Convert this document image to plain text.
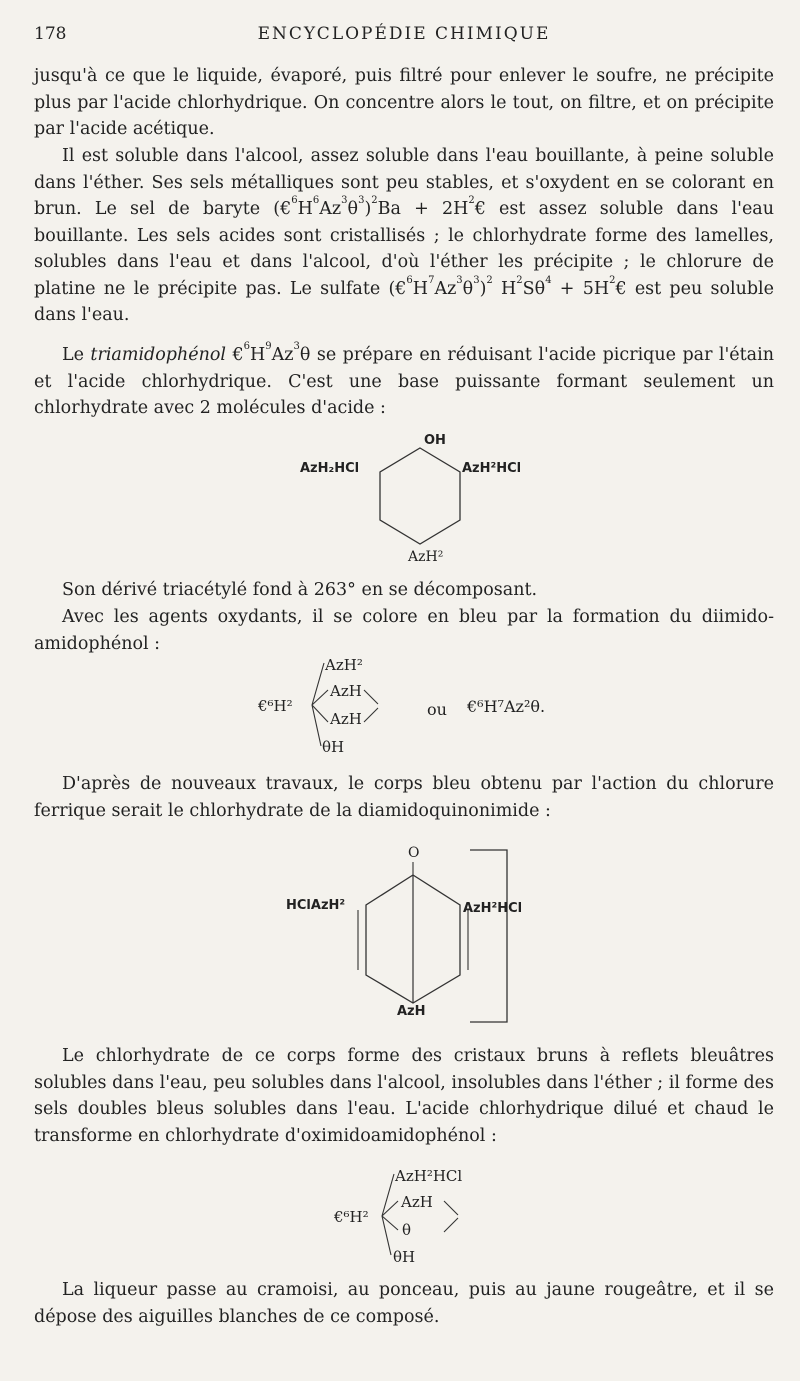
178	ENCYCLOPÉDIE CHIMIQUE

jusqu'à ce que le liquide, évaporé, puis filtré pour enlever le soufre, ne précipite plus par l'acide chlorhydrique. On concentre alors le tout, on filtre, et on précipite par l'acide acétique.

Il est soluble dans l'alcool, assez soluble dans l'eau bouillante, à peine soluble dans l'éther. Ses sels métalliques sont peu stables, et s'oxydent en se colorant en brun. Le sel de baryte $(€^6H^6Az^3\theta^3)^2Ba$ + $2H^2€$ est assez soluble dans l'eau bouillante. Les sels acides sont cristallisés ; le chlorhydrate forme des lamelles, solubles dans l'eau et dans l'alcool, d'où l'éther les précipite ; le chlorure de platine ne le précipite pas. Le sulfate $(€^6H^7Az^3\theta^3)^2$ $H^2S\theta^4$ + $5H^2€$ est peu soluble dans l'eau.

Le triamidophénol $€^6H^9Az^3\theta$ se prépare en réduisant l'acide picrique par l'étain et l'acide chlorhydrique. C'est une base puissante formant seulement un chlorhydrate avec 2 molécules d'acide :

OH
AzH₂HCl	AzH²HCl
AzH²

Son dérivé triacétylé fond à 263° en se décomposant.

Avec les agents oxydants, il se colore en bleu par la formation du diimido-amidophénol :

€⁶H²
AzH²
AzH
AzH
θH
ou €⁶H⁷Az²θ.

D'après de nouveaux travaux, le corps bleu obtenu par l'action du chlorure ferrique serait le chlorhydrate de la diamidoquinonimide :

O
HClAzH²	AzH²HCl
AzH

Le chlorhydrate de ce corps forme des cristaux bruns à reflets bleuâtres solubles dans l'eau, peu solubles dans l'alcool, insolubles dans l'éther ; il forme des sels doubles bleus solubles dans l'eau. L'acide chlorhydrique dilué et chaud le transforme en chlorhydrate d'oximidoamidophénol :

€⁶H²
AzH²HCl
AzH
θ
θH

La liqueur passe au cramoisi, au ponceau, puis au jaune rougeâtre, et il se dépose des aiguilles blanches de ce composé.
